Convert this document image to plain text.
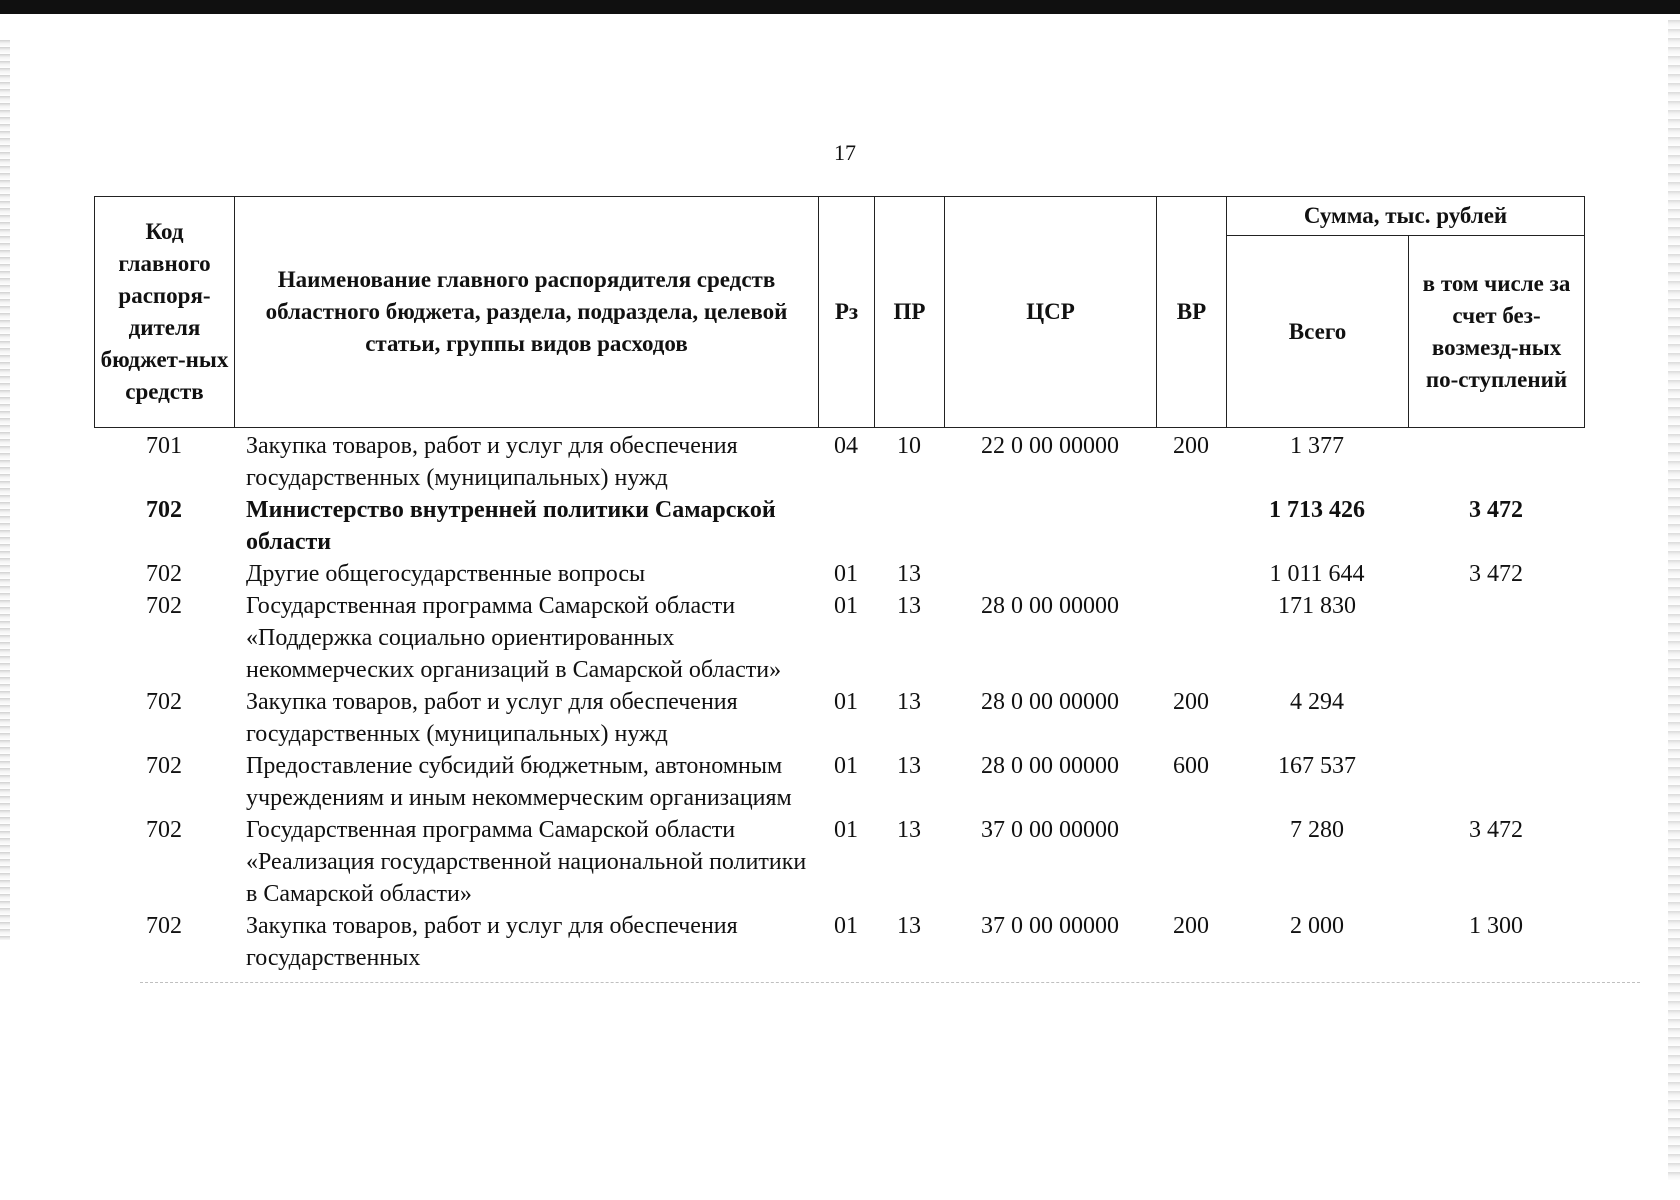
17
Код главного распоря-дителя бюджет-ных средств	Наименование главного распорядителя средств областного бюджета, раздела, подраздела, целевой статьи, группы видов расходов	Рз	ПР	ЦСР	ВР	Сумма, тыс. рублей	
						Всего	в том числе за счет без-возмезд-ных по-ступлений
701	Закупка товаров, работ и услуг для обеспечения государственных (муниципальных) нужд	04	10	22 0 00 00000	200	1 377	
702	Министерство внутренней политики Самарской области					1 713 426	3 472
702	Другие общегосударственные вопросы	01	13			1 011 644	3 472
702	Государственная программа Самарской области «Поддержка социально ориентированных некоммерческих организаций в Самарской области»	01	13	28 0 00 00000		171 830	
702	Закупка товаров, работ и услуг для обеспечения государственных (муниципальных) нужд	01	13	28 0 00 00000	200	4 294	
702	Предоставление субсидий бюджетным, автономным учреждениям и иным некоммерческим организациям	01	13	28 0 00 00000	600	167 537	
702	Государственная программа Самарской области «Реализация государственной национальной политики в Самарской области»	01	13	37 0 00 00000		7 280	3 472
702	Закупка товаров, работ и услуг для обеспечения государственных	01	13	37 0 00 00000	200	2 000	1 300
